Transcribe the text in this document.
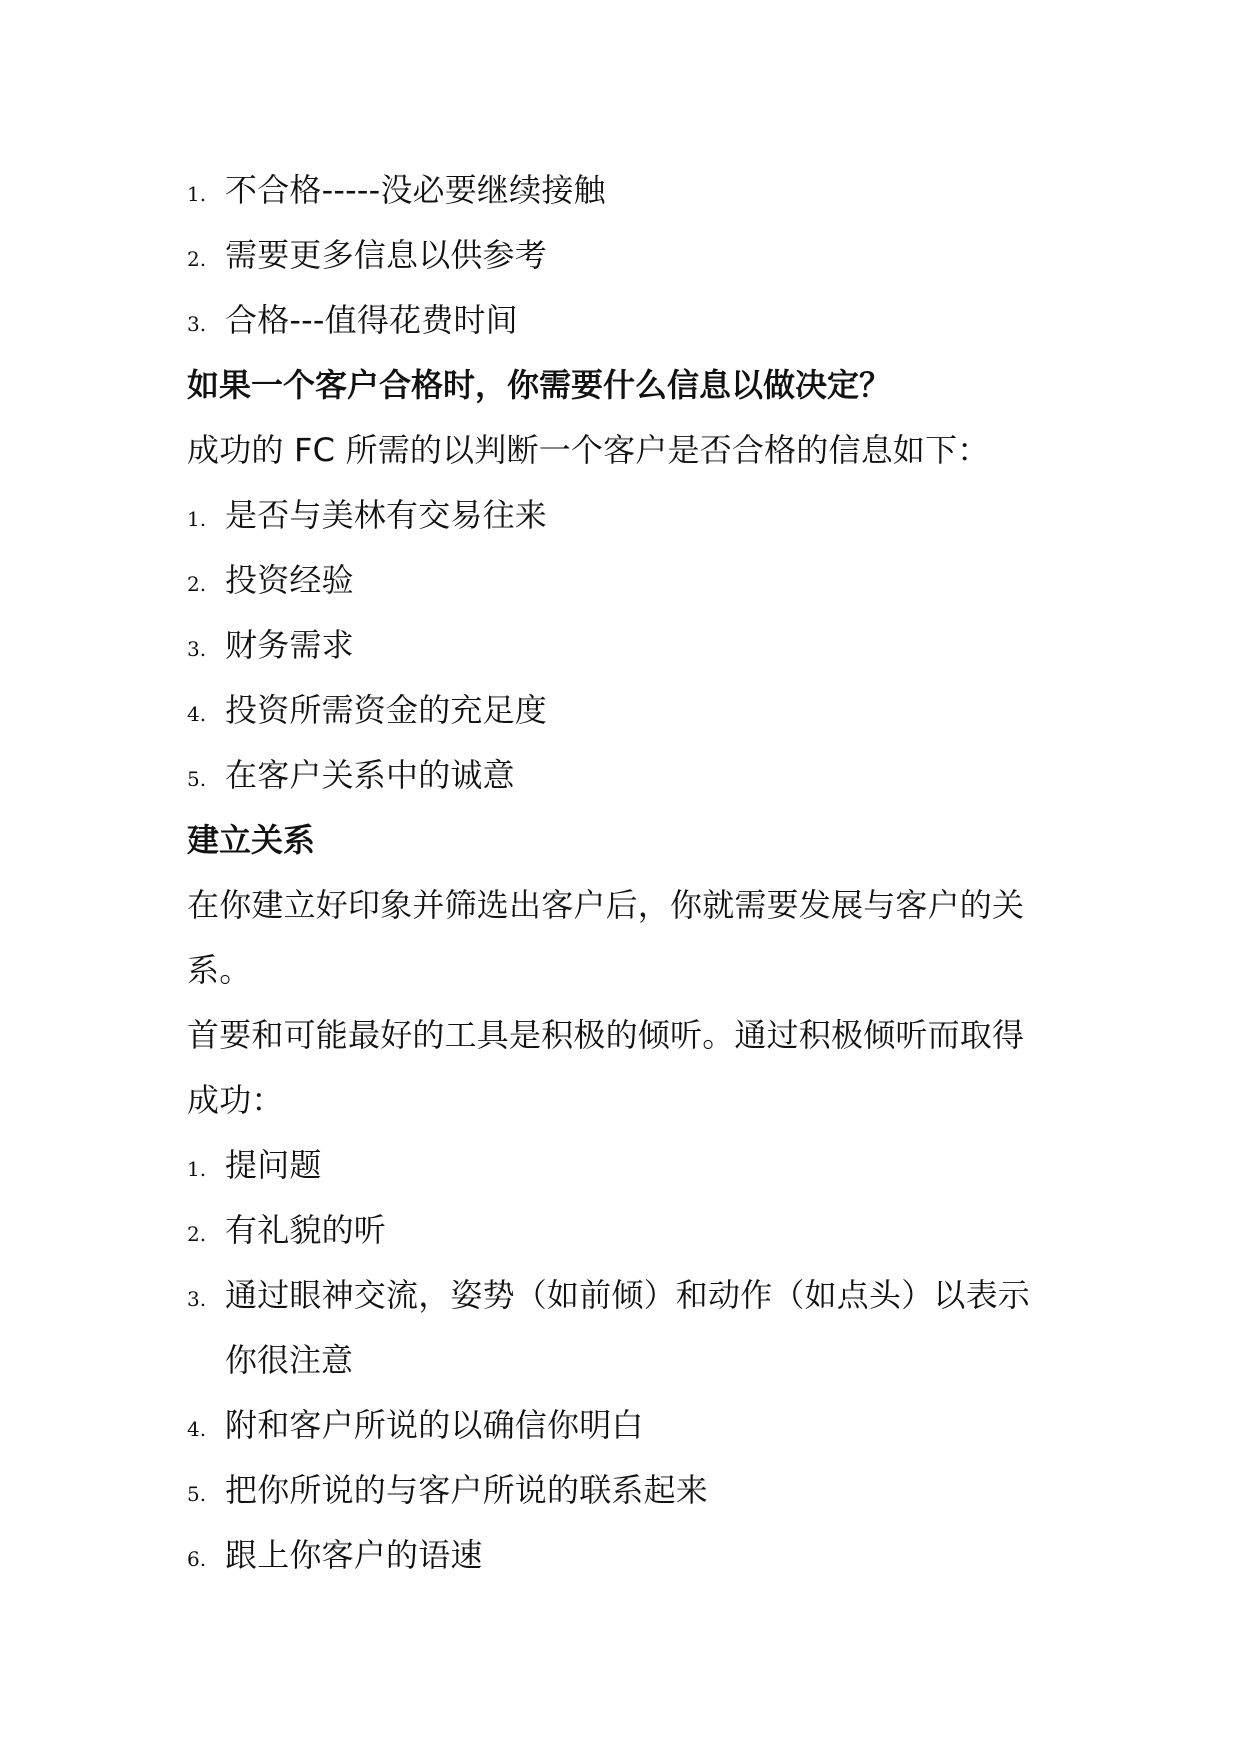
1. 不合格-----没必要继续接触
2. 需要更多信息以供参考
3. 合格---值得花费时间
如果一个客户合格时，你需要什么信息以做决定？
成功的 FC 所需的以判断一个客户是否合格的信息如下：
1. 是否与美林有交易往来
2. 投资经验
3. 财务需求
4. 投资所需资金的充足度
5. 在客户关系中的诚意
建立关系
在你建立好印象并筛选出客户后，你就需要发展与客户的关
系。
首要和可能最好的工具是积极的倾听。通过积极倾听而取得
成功：
1. 提问题
2. 有礼貌的听
3. 通过眼神交流，姿势（如前倾）和动作（如点头）以表示
你很注意
4. 附和客户所说的以确信你明白
5. 把你所说的与客户所说的联系起来
6. 跟上你客户的语速
